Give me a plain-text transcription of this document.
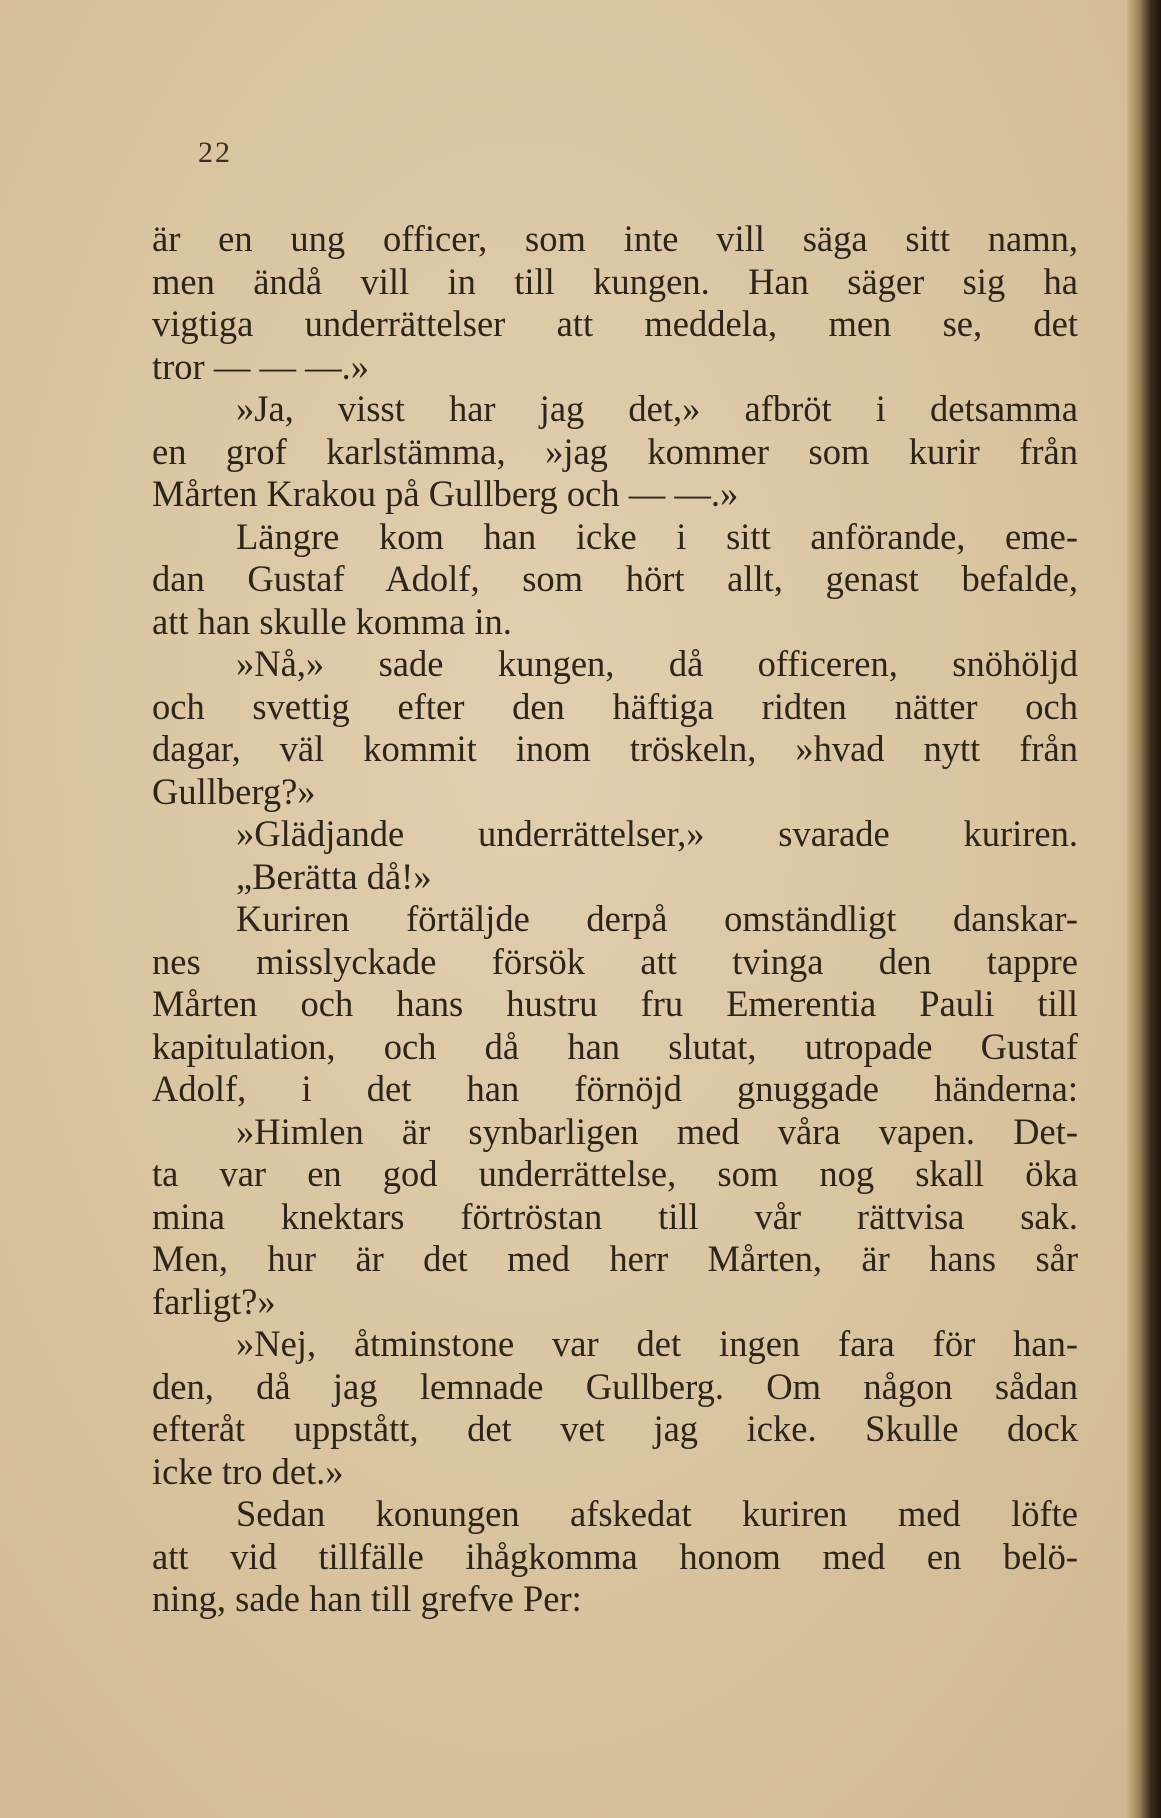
22
är en ung officer, som inte vill säga sitt namn,
men ändå vill in till kungen. Han säger sig ha
vigtiga underrättelser att meddela, men se, det
tror — — —.»
»Ja, visst har jag det,» afbröt i detsamma
en grof karlstämma, »jag kommer som kurir från
Mårten Krakou på Gullberg och — —.»
Längre kom han icke i sitt anförande, eme-
dan Gustaf Adolf, som hört allt, genast befalde,
att han skulle komma in.
»Nå,» sade kungen, då officeren, snöhöljd
och svettig efter den häftiga ridten nätter och
dagar, väl kommit inom tröskeln, »hvad nytt från
Gullberg?»
»Glädjande underrättelser,» svarade kuriren.
„Berätta då!»
Kuriren förtäljde derpå omständligt danskar-
nes misslyckade försök att tvinga den tappre
Mårten och hans hustru fru Emerentia Pauli till
kapitulation, och då han slutat, utropade Gustaf
Adolf, i det han förnöjd gnuggade händerna:
»Himlen är synbarligen med våra vapen. Det-
ta var en god underrättelse, som nog skall öka
mina knektars förtröstan till vår rättvisa sak.
Men, hur är det med herr Mårten, är hans sår
farligt?»
»Nej, åtminstone var det ingen fara för han-
den, då jag lemnade Gullberg. Om någon sådan
efteråt uppstått, det vet jag icke. Skulle dock
icke tro det.»
Sedan konungen afskedat kuriren med löfte
att vid tillfälle ihågkomma honom med en belö-
ning, sade han till grefve Per:
